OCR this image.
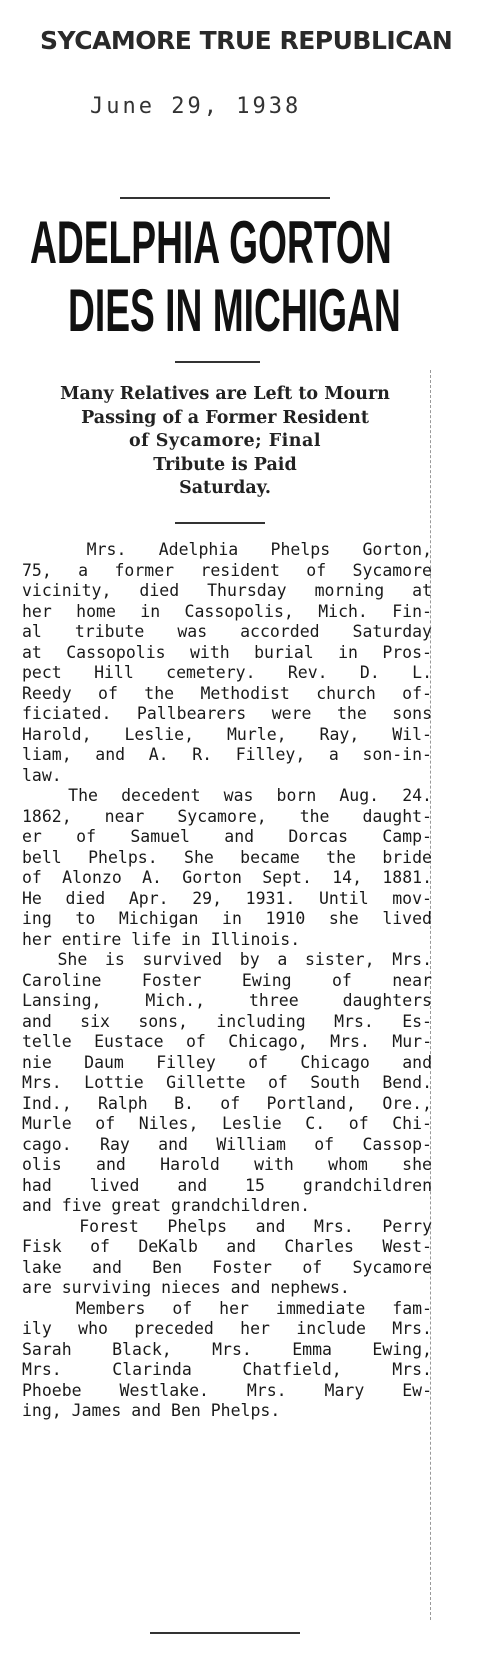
SYCAMORE TRUE REPUBLICAN
June 29, 1938
ADELPHIA GORTON
DIES IN MICHIGAN
Many Relatives are Left to Mourn
Passing of a Former Resident
of Sycamore; Final
Tribute is Paid
Saturday.
Mrs. Adelphia Phelps Gorton,
75, a former resident of Sycamore
vicinity, died Thursday morning at
her home in Cassopolis, Mich. Fin-
al tribute was accorded Saturday
at Cassopolis with burial in Pros-
pect Hill cemetery. Rev. D. L.
Reedy of the Methodist church of-
ficiated. Pallbearers were the sons
Harold, Leslie, Murle, Ray, Wil-
liam, and A. R. Filley, a son-in-
law.
The decedent was born Aug. 24.
1862, near Sycamore, the daught-
er of Samuel and Dorcas Camp-
bell Phelps. She became the bride
of Alonzo A. Gorton Sept. 14, 1881.
He died Apr. 29, 1931. Until mov-
ing to Michigan in 1910 she lived
her entire life in Illinois.
She is survived by a sister, Mrs.
Caroline Foster Ewing of near
Lansing, Mich., three daughters
and six sons, including Mrs. Es-
telle Eustace of Chicago, Mrs. Mur-
nie Daum Filley of Chicago and
Mrs. Lottie Gillette of South Bend.
Ind., Ralph B. of Portland, Ore.,
Murle of Niles, Leslie C. of Chi-
cago. Ray and William of Cassop-
olis and Harold with whom she
had lived and 15 grandchildren
and five great grandchildren.
Forest Phelps and Mrs. Perry
Fisk of DeKalb and Charles West-
lake and Ben Foster of Sycamore
are surviving nieces and nephews.
Members of her immediate fam-
ily who preceded her include Mrs.
Sarah Black, Mrs. Emma Ewing,
Mrs. Clarinda Chatfield, Mrs.
Phoebe Westlake. Mrs. Mary Ew-
ing, James and Ben Phelps.
